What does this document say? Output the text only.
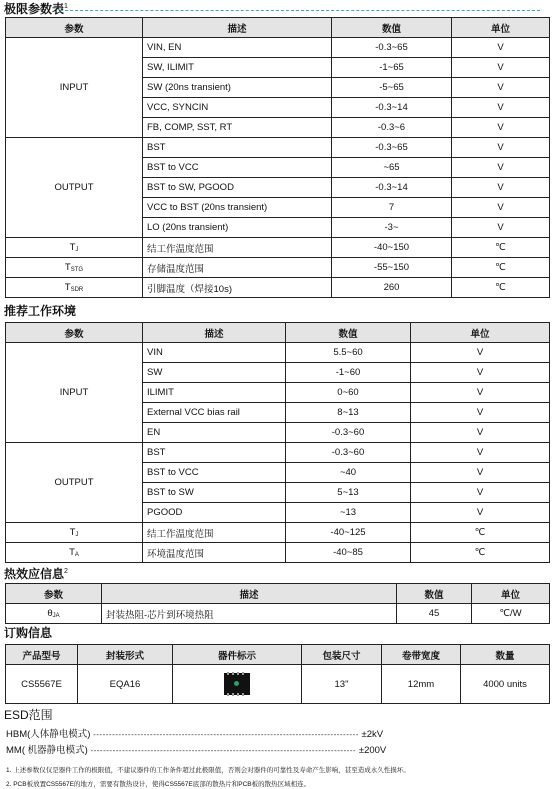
极限参数表$^1$
参数	描述	数值	单位
INPUT	VIN, EN	-0.3~65	V
	SW, ILIMIT	-1~65	V
	SW (20ns transient)	-5~65	V
	VCC, SYNCIN	-0.3~14	V
	FB, COMP, SST, RT	-0.3~6	V
OUTPUT	BST	-0.3~65	V
	BST to VCC	~65	V
	BST to SW, PGOOD	-0.3~14	V
	VCC to BST (20ns transient)	7	V
	LO (20ns transient)	-3~	V
TJ	结工作温度范围	-40~150	℃
TSTG	存储温度范围	-55~150	℃
TSDR	引脚温度（焊接10s)	260	℃
推荐工作环境
参数	描述	数值	单位
INPUT	VIN	5.5~60	V
	SW	-1~60	V
	ILIMIT	0~60	V
	External VCC bias rail	8~13	V
	EN	-0.3~60	V
OUTPUT	BST	-0.3~60	V
	BST to VCC	~40	V
	BST to SW	5~13	V
	PGOOD	~13	V
TJ	结工作温度范围	-40~125	℃
TA	环境温度范围	-40~85	℃
热效应信息$^2$
参数	描述	数值	单位
θJA	封装热阻-芯片到环境热阻	45	℃/W
订购信息
产品型号	封装形式	器件标示	包装尺寸	卷带宽度	数量
CS5567E	EQA16		13"	12mm	4000 units
ESD范围
HBM(人体静电模式) ------------------------------------------------------------------------------------ ±2kV
MM( 机器静电模式) ------------------------------------------------------------------------------------ ±200V
1. 上述参数仅仅是器件工作的极限值，不建议器件的工作条件超过此极限值，否则会对器件的可靠性及寿命产生影响，甚至造成永久性损坏。
2. PCB板放置CS5567E的地方，需要有散热设计，使得CS5567E底部的散热片和PCB板的散热区域相连。
